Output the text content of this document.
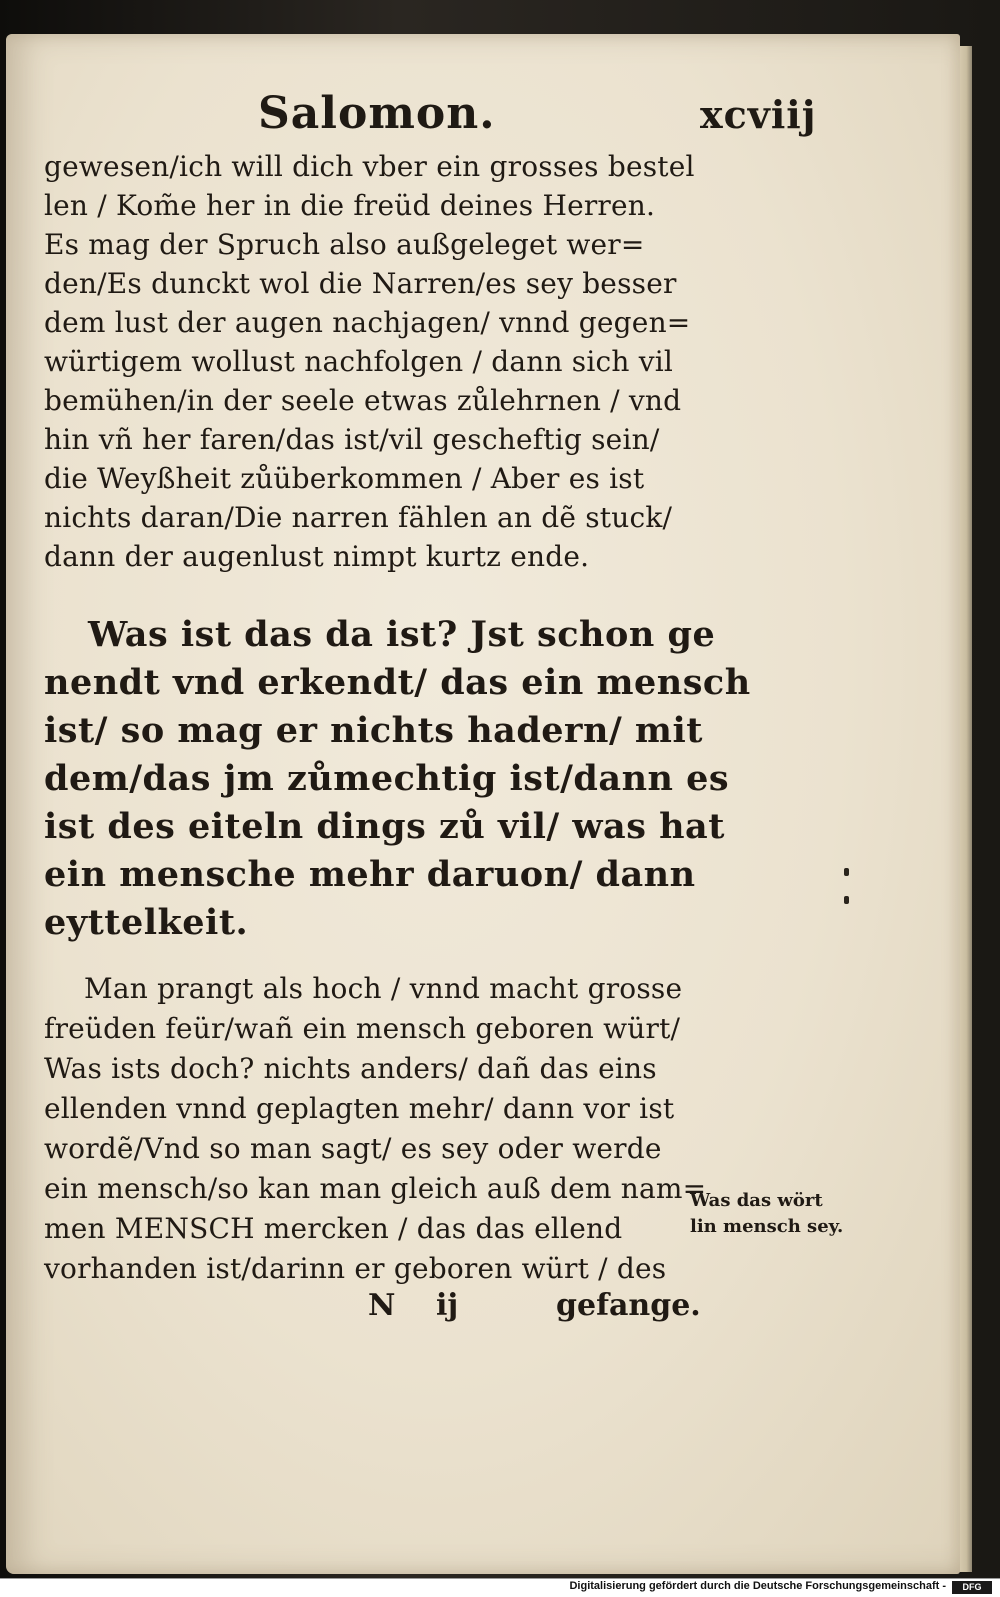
Salomon.	xcviij
gewesen/ich will dich vber ein grosses bestel
len / Kom̃e her in die freüd deines Herren.
Es mag der Spruch also außgeleget wer=
den/Es dunckt wol die Narren/es sey besser
dem lust der augen nachjagen/ vnnd gegen=
würtigem wollust nachfolgen / dann sich vil
bemühen/in der seele etwas zůlehrnen / vnd
hin vñ her faren/das ist/vil gescheftig sein/
die Weyßheit zůüberkommen / Aber es ist
nichts daran/Die narren fählen an dẽ stuck/
dann der augenlust nimpt kurtz ende.
Was ist das da ist? Jst schon ge
nendt vnd erkendt/ das ein mensch
ist/ so mag er nichts hadern/ mit
dem/das jm zůmechtig ist/dann es
ist des eiteln dings zů vil/ was hat
ein mensche mehr daruon/ dann
eyttelkeit.
Man prangt als hoch / vnnd macht grosse
freüden feür/wañ ein mensch geboren würt/
Was ists doch? nichts anders/ dañ das eins
ellenden vnnd geplagten mehr/ dann vor ist
wordẽ/Vnd so man sagt/ es sey oder werde
ein mensch/so kan man gleich auß dem nam=
men MENSCH mercken / das das ellend
vorhanden ist/darinn er geboren würt / des
N ij	gefange.
Was das wört
lin mensch sey.
Digitalisierung gefördert durch die Deutsche Forschungsgemeinschaft -	DFG
